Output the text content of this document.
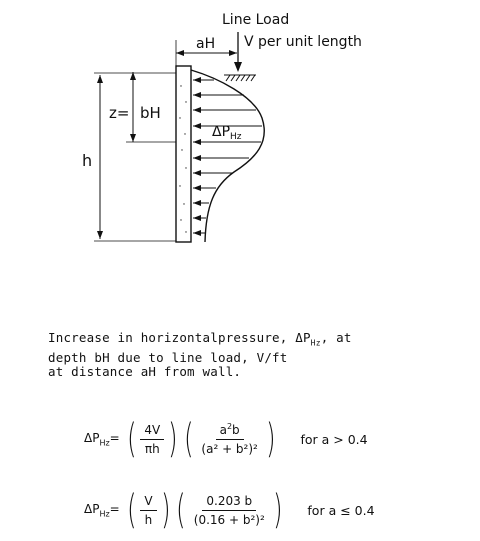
Line Load
V per unit length
aH
$\Delta P_{Hz}$
z= bH
h
Increase in horizontalpressure, $\Delta P_{Hz}$, at
depth bH due to line load, V/ft
at distance aH from wall.
$\Delta P_{Hz}=$ ( $\frac{4V}{\pi h}$ ) ( $\frac{a^2b}{\text{(a² + b²)²}}$ ) for a > 0.4
$\Delta P_{Hz}=$ ( $\frac{V}{h}$ ) ( $\frac{0.203 b}{\text{(0.16 + b²)²}}$ ) for a ≤ 0.4
